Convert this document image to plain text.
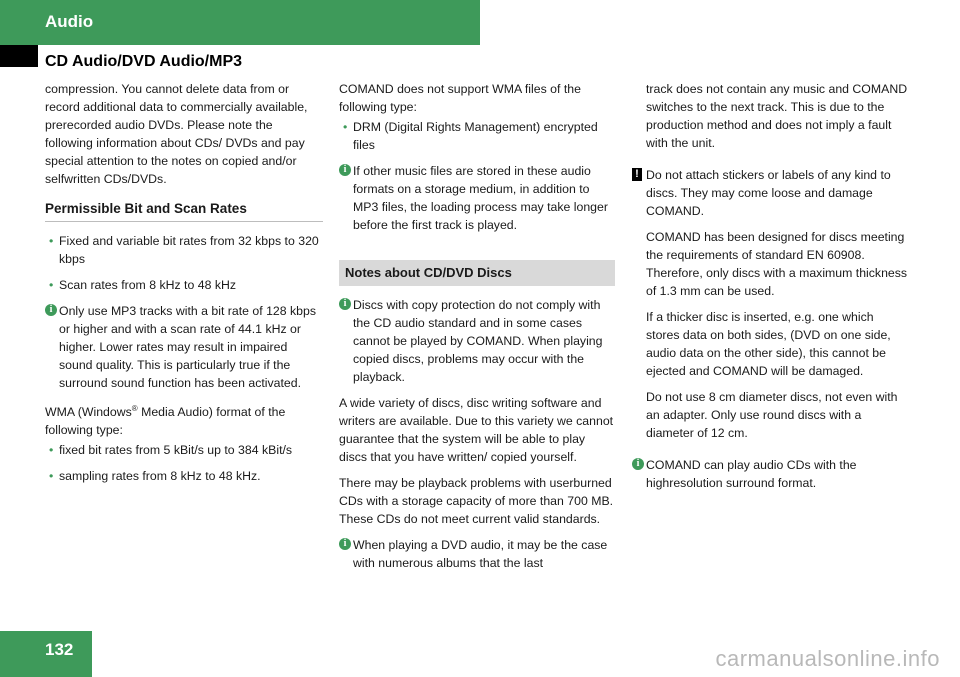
Audio
CD Audio/DVD Audio/MP3

compression. You cannot delete data from or record additional data to commercially available, prerecorded audio DVDs. Please note the following information about CDs/ DVDs and pay special attention to the notes on copied and/or selfwritten CDs/DVDs.

Permissible Bit and Scan Rates
• Fixed and variable bit rates from 32 kbps to 320 kbps
• Scan rates from 8 kHz to 48 kHz
i Only use MP3 tracks with a bit rate of 128 kbps or higher and with a scan rate of 44.1 kHz or higher. Lower rates may result in impaired sound quality. This is particularly true if the surround sound function has been activated.

WMA (Windows® Media Audio) format of the following type:

• fixed bit rates from 5 kBit/s up to 384 kBit/s
• sampling rates from 8 kHz to 48 kHz.

COMAND does not support WMA files of the following type:

• DRM (Digital Rights Management) encrypted files
i If other music files are stored in these audio formats on a storage medium, in addition to MP3 files, the loading process may take longer before the first track is played.
Notes about CD/DVD Discs
i Discs with copy protection do not comply with the CD audio standard and in some cases cannot be played by COMAND. When playing copied discs, problems may occur with the playback.

A wide variety of discs, disc writing software and writers are available. Due to this variety we cannot guarantee that the system will be able to play discs that you have written/ copied yourself.

There may be playback problems with userburned CDs with a storage capacity of more than 700 MB. These CDs do not meet current valid standards.

i When playing a DVD audio, it may be the case with numerous albums that the last

track does not contain any music and COMAND switches to the next track. This is due to the production method and does not imply a fault with the unit.

! Do not attach stickers or labels of any kind to discs. They may come loose and damage COMAND.

COMAND has been designed for discs meeting the requirements of standard EN 60908. Therefore, only discs with a maximum thickness of 1.3 mm can be used.

If a thicker disc is inserted, e.g. one which stores data on both sides, (DVD on one side, audio data on the other side), this cannot be ejected and COMAND will be damaged.

Do not use 8 cm diameter discs, not even with an adapter. Only use round discs with a diameter of 12 cm.

i COMAND can play audio CDs with the highresolution surround format.
132	carmanualsonline.info
